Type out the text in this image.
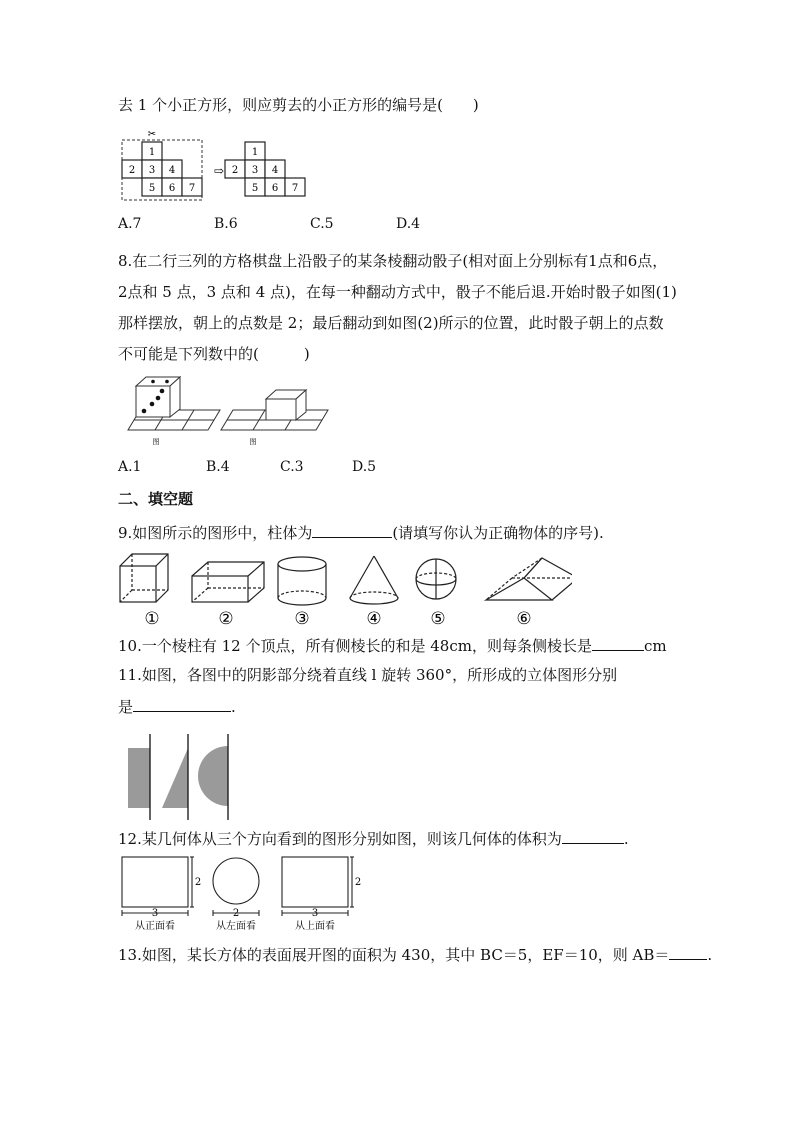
去 1 个小正方形，则应剪去的小正方形的编号是(　　)
✂
1
2 3 4
5 6 7
⇨
1
2 3 4
5 6 7
A.7	B.6	C.5	D.4
8.在二行三列的方格棋盘上沿骰子的某条棱翻动骰子(相对面上分别标有1点和6点，
2点和 5 点，3 点和 4 点)，在每一种翻动方式中，骰子不能后退.开始时骰子如图(1)
那样摆放，朝上的点数是 2；最后翻动到如图(2)所示的位置，此时骰子朝上的点数
不可能是下列数中的(　　　)
图	图
A.1	B.4	C.3	D.5
二、填空题
9.如图所示的图形中，柱体为	(请填写你认为正确物体的序号).
①	②	③	④	⑤	⑥
10.一个棱柱有 12 个顶点，所有侧棱长的和是 48cm，则每条侧棱长是	cm
11.如图，各图中的阴影部分绕着直线 l 旋转 360°，所形成的立体图形分别
是	.
12.某几何体从三个方向看到的图形分别如图，则该几何体的体积为	.
3
2
从正面看
2
从左面看
3
2
从上面看
13.如图，某长方体的表面展开图的面积为 430，其中 BC＝5，EF＝10，则 AB＝	.
